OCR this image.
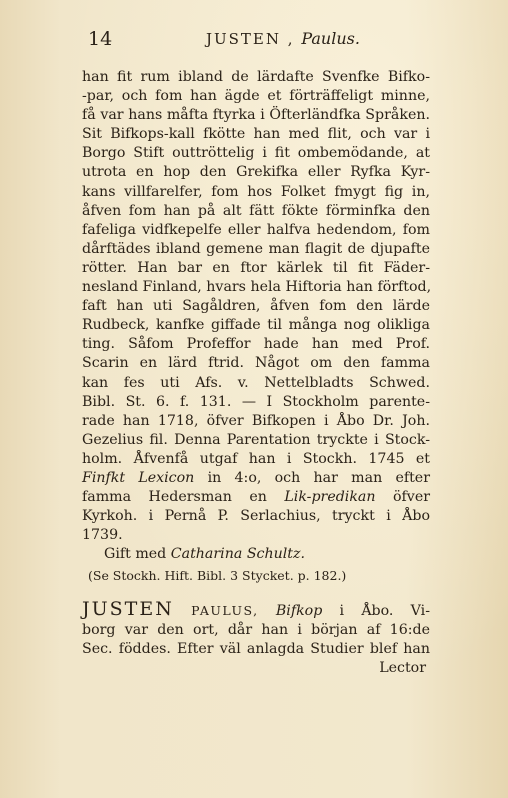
14	JUSTEN , Paulus.
han fit rum ibland de lärdafte Svenfke Bifko-
-par, och fom han ägde et förträffeligt minne,
få var hans måfta ftyrka i Öfterländfka Språken.
Sit Bifkops-kall fkötte han med flit, och var i
Borgo Stift outtröttelig i fit ombemödande, at
utrota en hop den Grekifka eller Ryfka Kyr-
kans villfarelfer, fom hos Folket fmygt fig in,
åfven fom han på alt fätt fökte förminfka den
fafeliga vidfkepelfe eller halfva hedendom, fom
dårftädes ibland gemene man flagit de djupafte
rötter. Han bar en ftor kärlek til fit Fäder-
nesland Finland, hvars hela Hiftoria han förftod,
faft han uti Sagåldren, åfven fom den lärde
Rudbeck, kanfke giffade til många nog olikliga
ting. Såfom Profeffor hade han med Prof.
Scarin en lärd ftrid. Något om den famma
kan fes uti Afs. v. Nettelbladts Schwed.
Bibl. St. 6. f. 131. — I Stockholm parente-
rade han 1718, öfver Bifkopen i Åbo Dr. Joh.
Gezelius fil. Denna Parentation tryckte i Stock-
holm. Åfvenfå utgaf han i Stockh. 1745 et
Finfkt Lexicon in 4:o, och har man efter
famma Hedersman en Lik-predikan öfver
Kyrkoh. i Pernå P. Serlachius, tryckt i Åbo
1739.
Gift med Catharina Schultz.
(Se Stockh. Hift. Bibl. 3 Stycket. p. 182.)
JUSTEN PAULUS, Bifkop i Åbo. Vi-
borg var den ort, dår han i början af 16:de
Sec. föddes. Efter väl anlagda Studier blef han
Lector
